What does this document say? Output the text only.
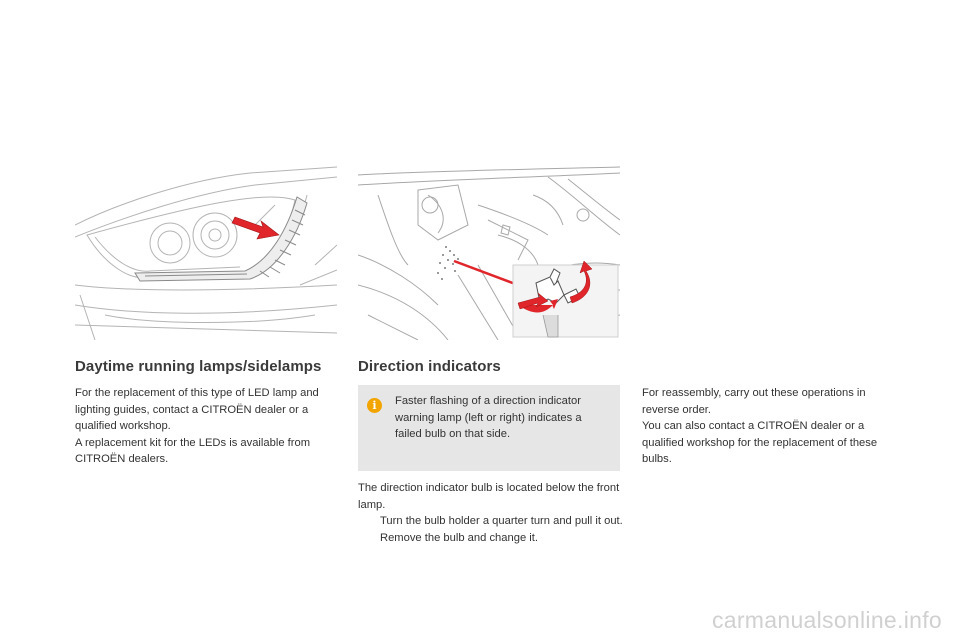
Daytime running lamps/sidelamps

For the replacement of this type of LED lamp and lighting guides, contact a CITROËN dealer or a qualified workshop.

A replacement kit for the LEDs is available from CITROËN dealers.

Direction indicators
i	Faster flashing of a direction indicator warning lamp (left or right) indicates a failed bulb on that side.

The direction indicator bulb is located below the front lamp.

Turn the bulb holder a quarter turn and pull it out.
Remove the bulb and change it.

For reassembly, carry out these operations in reverse order.

You can also contact a CITROËN dealer or a qualified workshop for the replacement of these bulbs.

carmanualsonline.info
